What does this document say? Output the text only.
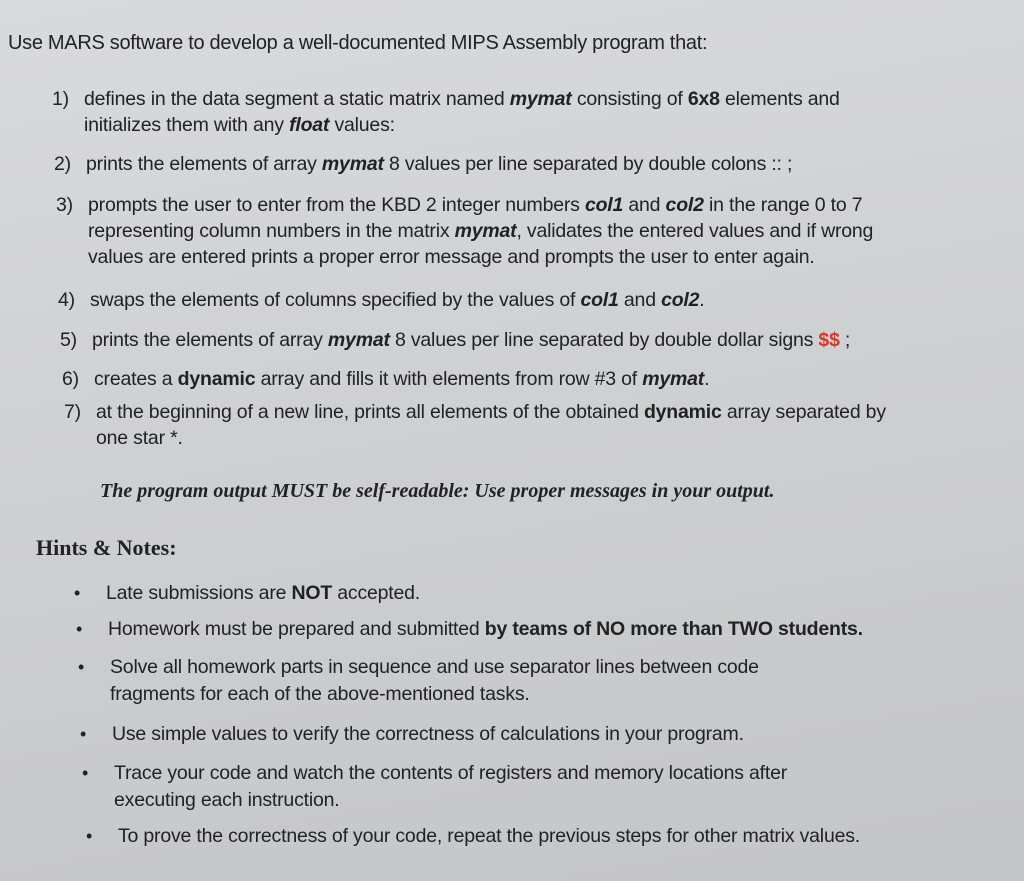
Use MARS software to develop a well-documented MIPS Assembly program that:
1) defines in the data segment a static matrix named mymat consisting of 6x8 elements and
initializes them with any float values:
2) prints the elements of array mymat 8 values per line separated by double colons :: ;
3) prompts the user to enter from the KBD 2 integer numbers col1 and col2 in the range 0 to 7
representing column numbers in the matrix mymat, validates the entered values and if wrong
values are entered prints a proper error message and prompts the user to enter again.
4) swaps the elements of columns specified by the values of col1 and col2.
5) prints the elements of array mymat 8 values per line separated by double dollar signs $$ ;
6) creates a dynamic array and fills it with elements from row #3 of mymat.
7) at the beginning of a new line, prints all elements of the obtained dynamic array separated by
one star *.
The program output MUST be self-readable: Use proper messages in your output.
Hints & Notes:
• Late submissions are NOT accepted.
• Homework must be prepared and submitted by teams of NO more than TWO students.
• Solve all homework parts in sequence and use separator lines between code
fragments for each of the above-mentioned tasks.
• Use simple values to verify the correctness of calculations in your program.
• Trace your code and watch the contents of registers and memory locations after
executing each instruction.
• To prove the correctness of your code, repeat the previous steps for other matrix values.
